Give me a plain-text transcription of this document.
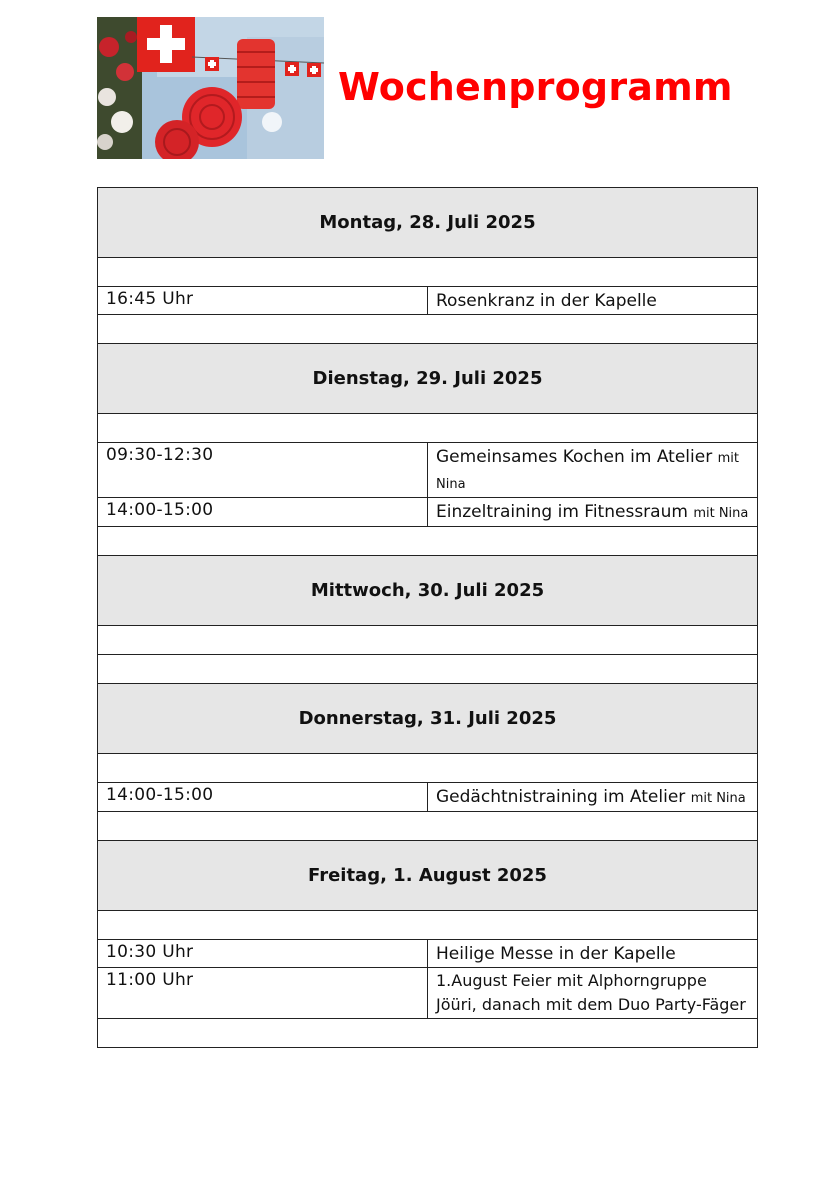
Wochenprogramm
Montag, 28. Juli 2025	

16:45 Uhr	Rosenkranz in der Kapelle

Dienstag, 29. Juli 2025	

09:30-12:30	Gemeinsames Kochen im Atelier mit Nina
14:00-15:00	Einzeltraining im Fitnessraum mit Nina

Mittwoch, 30. Juli 2025	

Donnerstag, 31. Juli 2025	

14:00-15:00	Gedächtnistraining im Atelier mit Nina

Freitag, 1. August 2025	

10:30 Uhr	Heilige Messe in der Kapelle
11:00 Uhr	1.August Feier mit Alphorngruppe Jöüri, danach mit dem Duo Party-Fäger
